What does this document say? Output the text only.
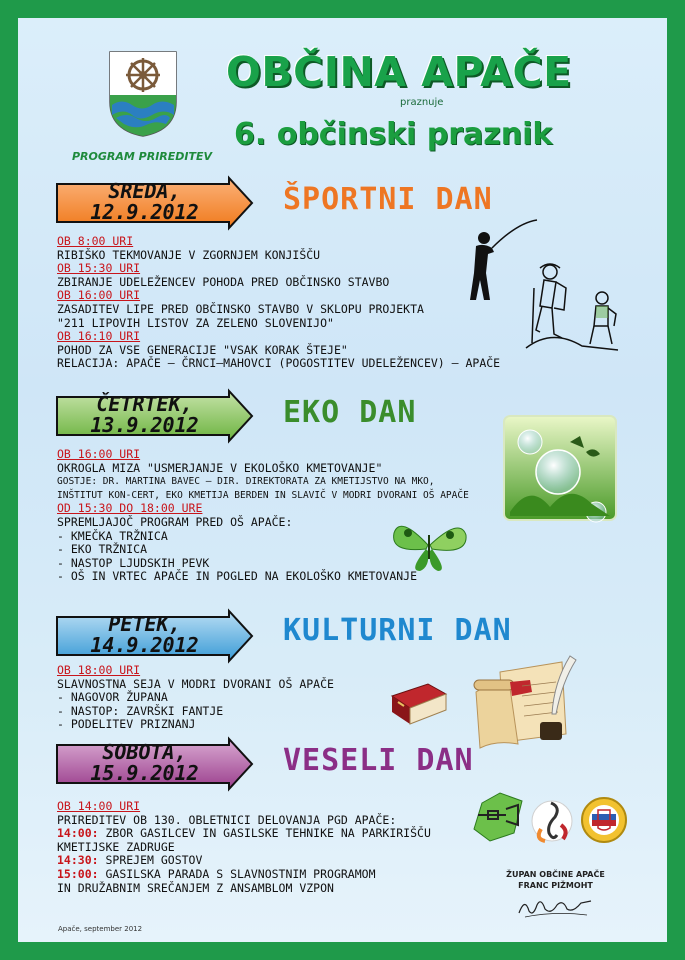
PROGRAM PRIREDITEV
OBČINA APAČE
praznuje
6. občinski praznik
SREDA,
12.9.2012	ŠPORTNI DAN
OB 8:00 URI
RIBIŠKO TEKMOVANJE V ZGORNJEM KONJIŠČU
OB 15:30 URI
ZBIRANJE UDELEŽENCEV POHODA PRED OBČINSKO STAVBO
OB 16:00 URI
ZASADITEV LIPE PRED OBČINSKO STAVBO V SKLOPU PROJEKTA
"211 LIPOVIH LISTOV ZA ZELENO SLOVENIJO"
OB 16:10 URI
POHOD ZA VSE GENERACIJE "VSAK KORAK ŠTEJE"
RELACIJA: APAČE – ČRNCI–MAHOVCI (POGOSTITEV UDELEŽENCEV) – APAČE
ČETRTEK,
13.9.2012	EKO DAN
OB 16:00 URI
OKROGLA MIZA "USMERJANJE V EKOLOŠKO KMETOVANJE"
GOSTJE: DR. MARTINA BAVEC – DIR. DIREKTORATA ZA KMETIJSTVO NA MKO,
INŠTITUT KON-CERT, EKO KMETIJA BERDEN IN SLAVIČ V MODRI DVORANI OŠ APAČE
OD 15:30 DO 18:00 URE
SPREMLJAJOČ PROGRAM PRED OŠ APAČE:
- KMEČKA TRŽNICA
- EKO TRŽNICA
- NASTOP LJUDSKIH PEVK
- OŠ IN VRTEC APAČE IN POGLED NA EKOLOŠKO KMETOVANJE
PETEK,
14.9.2012	KULTURNI DAN
OB 18:00 URI
SLAVNOSTNA SEJA V MODRI DVORANI OŠ APAČE
- NAGOVOR ŽUPANA
- NASTOP: ZAVRŠKI FANTJE
- PODELITEV PRIZNANJ
SOBOTA,
15.9.2012	VESELI DAN
OB 14:00 URI
PRIREDITEV OB 130. OBLETNICI DELOVANJA PGD APAČE:
14:00: ZBOR GASILCEV IN GASILSKE TEHNIKE NA PARKIRIŠČU
KMETIJSKE ZADRUGE
14:30: SPREJEM GOSTOV
15:00: GASILSKA PARADA S SLAVNOSTNIM PROGRAMOM
IN DRUŽABNIM SREČANJEM Z ANSAMBLOM VZPON
ŽUPAN OBČINE APAČE
FRANC PIŽMOHT
Apače, september 2012
